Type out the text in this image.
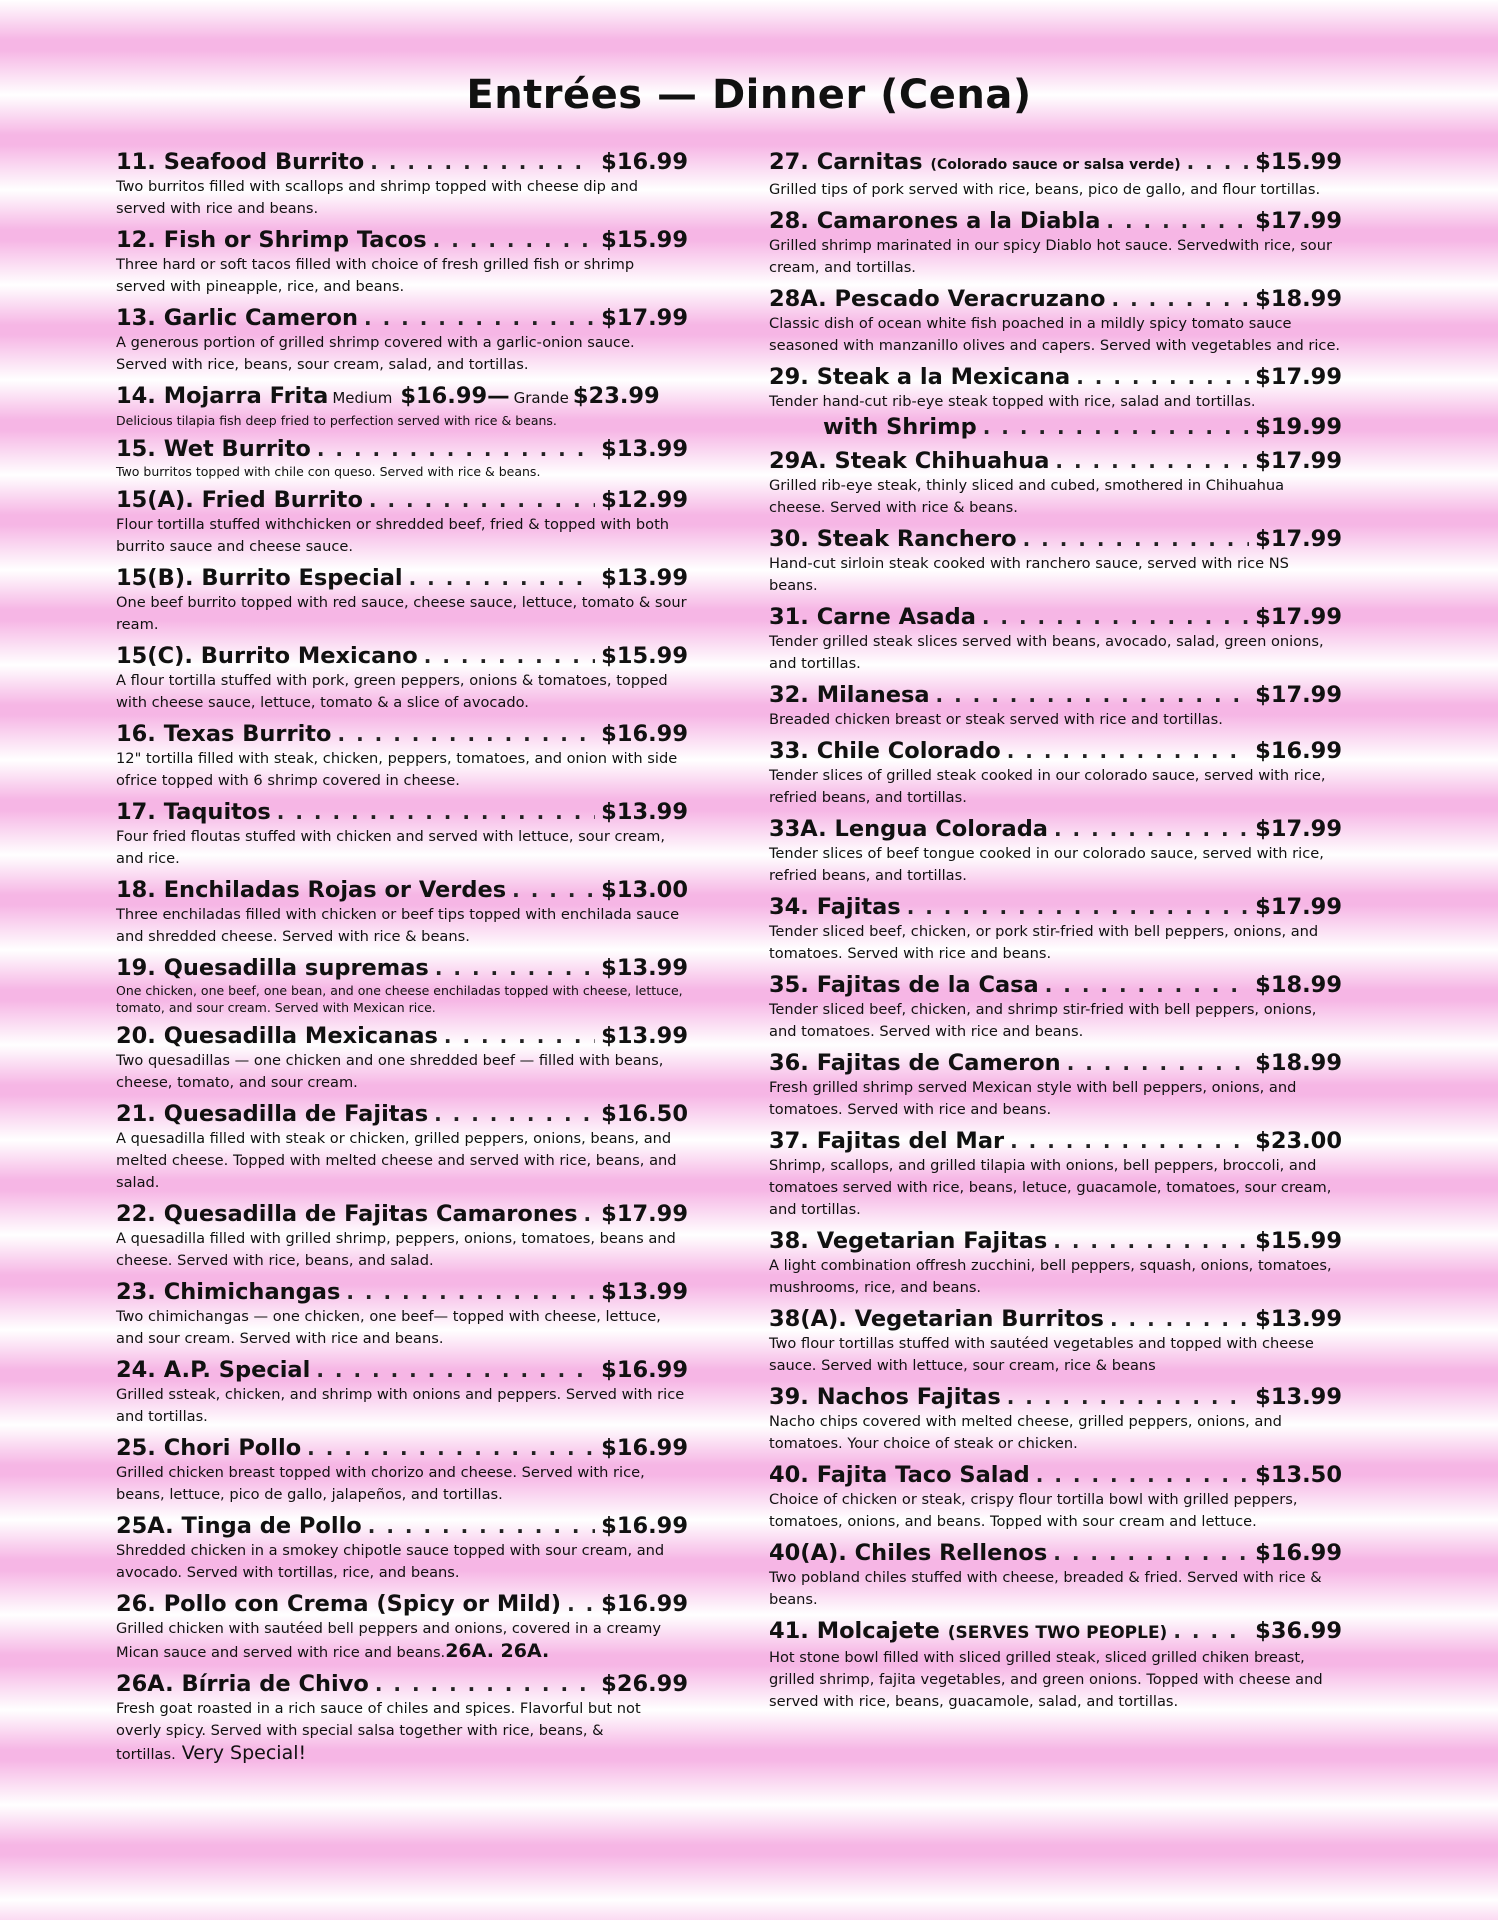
Entrées — Dinner (Cena)
11. Seafood Burrito . . .	$16.99
Two burritos filled with scallops and shrimp topped with cheese dip and served with rice and beans.
12. Fish or Shrimp Tacos . . .	$15.99
Three hard or soft tacos filled with choice of fresh grilled fish or shrimp served with pineapple, rice, and beans.
13. Garlic Cameron . . .	$17.99
A generous portion of grilled shrimp covered with a garlic-onion sauce. Served with rice, beans, sour cream, salad, and tortillas.
14. Mojarra Frita Medium $16.99— Grande $23.99
Delicious tilapia fish deep fried to perfection served with rice & beans.
15. Wet Burrito . . .	$13.99
Two burritos topped with chile con queso. Served with rice & beans.
15(A). Fried Burrito . . .	$12.99
Flour tortilla stuffed withchicken or shredded beef, fried & topped with both burrito sauce and cheese sauce.
15(B). Burrito Especial . . .	$13.99
One beef burrito topped with red sauce, cheese sauce, lettuce, tomato & sour ream.
15(C). Burrito Mexicano . . .	$15.99
A flour tortilla stuffed with pork, green peppers, onions & tomatoes, topped with cheese sauce, lettuce, tomato & a slice of avocado.
16. Texas Burrito . . .	$16.99
12" tortilla filled with steak, chicken, peppers, tomatoes, and onion with side ofrice topped with 6 shrimp covered in cheese.
17. Taquitos . . .	$13.99
Four fried floutas stuffed with chicken and served with lettuce, sour cream, and rice.
18. Enchiladas Rojas or Verdes . . .	$13.00
Three enchiladas filled with chicken or beef tips topped with enchilada sauce and shredded cheese. Served with rice & beans.
19. Quesadilla supremas . . .	$13.99
One chicken, one beef, one bean, and one cheese enchiladas topped with cheese, lettuce, tomato, and sour cream. Served with Mexican rice.
20. Quesadilla Mexicanas . . .	$13.99
Two quesadillas — one chicken and one shredded beef — filled with beans, cheese, tomato, and sour cream.
21. Quesadilla de Fajitas . . .	$16.50
A quesadilla filled with steak or chicken, grilled peppers, onions, beans, and melted cheese. Topped with melted cheese and served with rice, beans, and salad.
22. Quesadilla de Fajitas Camarones . . . $17.99
A quesadilla filled with grilled shrimp, peppers, onions, tomatoes, beans and cheese. Served with rice, beans, and salad.
23. Chimichangas . . .	$13.99
Two chimichangas — one chicken, one beef— topped with cheese, lettuce, and sour cream. Served with rice and beans.
24. A.P. Special . . .	$16.99
Grilled ssteak, chicken, and shrimp with onions and peppers. Served with rice and tortillas.
25. Chori Pollo . . .	$16.99
Grilled chicken breast topped with chorizo and cheese. Served with rice, beans, lettuce, pico de gallo, jalapeños, and tortillas.
25A. Tinga de Pollo . . .	$16.99
Shredded chicken in a smokey chipotle sauce topped with sour cream, and avocado. Served with tortillas, rice, and beans.
26. Pollo con Crema (Spicy or Mild) . . . $16.99
Grilled chicken with sautéed bell peppers and onions, covered in a creamy Mican sauce and served with rice and beans.26A. 26A.
26A. Bírria de Chivo . . .	$26.99
Fresh goat roasted in a rich sauce of chiles and spices. Flavorful but not overly spicy. Served with special salsa together with rice, beans, & tortillas. Very Special!
27. Carnitas (Colorado sauce or salsa verde) . . .	$15.99
Grilled tips of pork served with rice, beans, pico de gallo, and flour tortillas.
28. Camarones a la Diabla . . .	$17.99
Grilled shrimp marinated in our spicy Diablo hot sauce. Servedwith rice, sour cream, and tortillas.
28A. Pescado Veracruzano . . .	$18.99
Classic dish of ocean white fish poached in a mildly spicy tomato sauce seasoned with manzanillo olives and capers. Served with vegetables and rice.
29. Steak a la Mexicana . . .	$17.99
Tender hand-cut rib-eye steak topped with rice, salad and tortillas.
with Shrimp . . .	$19.99
29A. Steak Chihuahua . . .	$17.99
Grilled rib-eye steak, thinly sliced and cubed, smothered in Chihuahua cheese. Served with rice & beans.
30. Steak Ranchero . . .	$17.99
Hand-cut sirloin steak cooked with ranchero sauce, served with rice NS beans.
31. Carne Asada . . .	$17.99
Tender grilled steak slices served with beans, avocado, salad, green onions, and tortillas.
32. Milanesa . . .	$17.99
Breaded chicken breast or steak served with rice and tortillas.
33. Chile Colorado . . .	$16.99
Tender slices of grilled steak cooked in our colorado sauce, served with rice, refried beans, and tortillas.
33A. Lengua Colorada . . .	$17.99
Tender slices of beef tongue cooked in our colorado sauce, served with rice, refried beans, and tortillas.
34. Fajitas . . .	$17.99
Tender sliced beef, chicken, or pork stir-fried with bell peppers, onions, and tomatoes. Served with rice and beans.
35. Fajitas de la Casa . . .	$18.99
Tender sliced beef, chicken, and shrimp stir-fried with bell peppers, onions, and tomatoes. Served with rice and beans.
36. Fajitas de Cameron . . .	$18.99
Fresh grilled shrimp served Mexican style with bell peppers, onions, and tomatoes. Served with rice and beans.
37. Fajitas del Mar . . .	$23.00
Shrimp, scallops, and grilled tilapia with onions, bell peppers, broccoli, and tomatoes served with rice, beans, letuce, guacamole, tomatoes, sour cream, and tortillas.
38. Vegetarian Fajitas . . .	$15.99
A light combination offresh zucchini, bell peppers, squash, onions, tomatoes, mushrooms, rice, and beans.
38(A). Vegetarian Burritos . . .	$13.99
Two flour tortillas stuffed with sautéed vegetables and topped with cheese sauce. Served with lettuce, sour cream, rice & beans
39. Nachos Fajitas . . .	$13.99
Nacho chips covered with melted cheese, grilled peppers, onions, and tomatoes. Your choice of steak or chicken.
40. Fajita Taco Salad . . .	$13.50
Choice of chicken or steak, crispy flour tortilla bowl with grilled peppers, tomatoes, onions, and beans. Topped with sour cream and lettuce.
40(A). Chiles Rellenos . . .	$16.99
Two pobland chiles stuffed with cheese, breaded & fried. Served with rice & beans.
41. Molcajete (SERVES TWO PEOPLE) . . .	$36.99
Hot stone bowl filled with sliced grilled steak, sliced grilled chiken breast, grilled shrimp, fajita vegetables, and green onions. Topped with cheese and served with rice, beans, guacamole, salad, and tortillas.
